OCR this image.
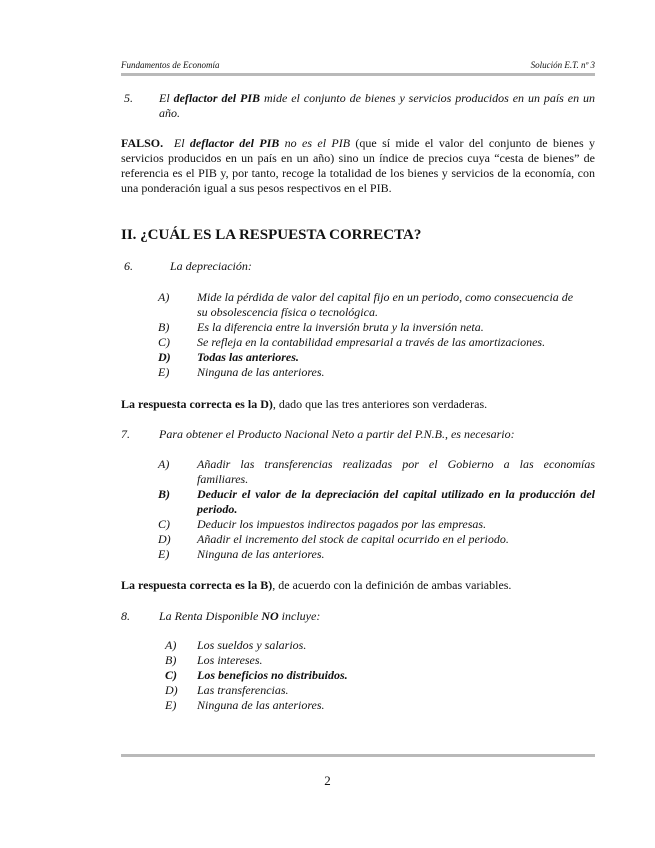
Fundamentos de Economía	Solución E.T. nº 3
5. El deflactor del PIB mide el conjunto de bienes y servicios producidos en un país en un año.

FALSO. El deflactor del PIB no es el PIB (que sí mide el valor del conjunto de bienes y servicios producidos en un país en un año) sino un índice de precios cuya “cesta de bienes” de referencia es el PIB y, por tanto, recoge la totalidad de los bienes y servicios de la economía, con una ponderación igual a sus pesos respectivos en el PIB.

II. ¿CUÁL ES LA RESPUESTA CORRECTA?
6.	La depreciación:
A) Mide la pérdida de valor del capital fijo en un periodo, como consecuencia de
su obsolescencia física o tecnológica.
B) Es la diferencia entre la inversión bruta y la inversión neta.
C) Se refleja en la contabilidad empresarial a través de las amortizaciones.
D) Todas las anteriores.
E) Ninguna de las anteriores.

La respuesta correcta es la D), dado que las tres anteriores son verdaderas.

7. Para obtener el Producto Nacional Neto a partir del P.N.B., es necesario:
A) Añadir las transferencias realizadas por el Gobierno a las economías
familiares.
B) Deducir el valor de la depreciación del capital utilizado en la producción del
periodo.
C) Deducir los impuestos indirectos pagados por las empresas.
D) Añadir el incremento del stock de capital ocurrido en el periodo.
E) Ninguna de las anteriores.

La respuesta correcta es la B), de acuerdo con la definición de ambas variables.

8. La Renta Disponible NO incluye:

A) Los sueldos y salarios.
B) Los intereses.
C) Los beneficios no distribuidos.
D) Las transferencias.
E) Ninguna de las anteriores.
2
